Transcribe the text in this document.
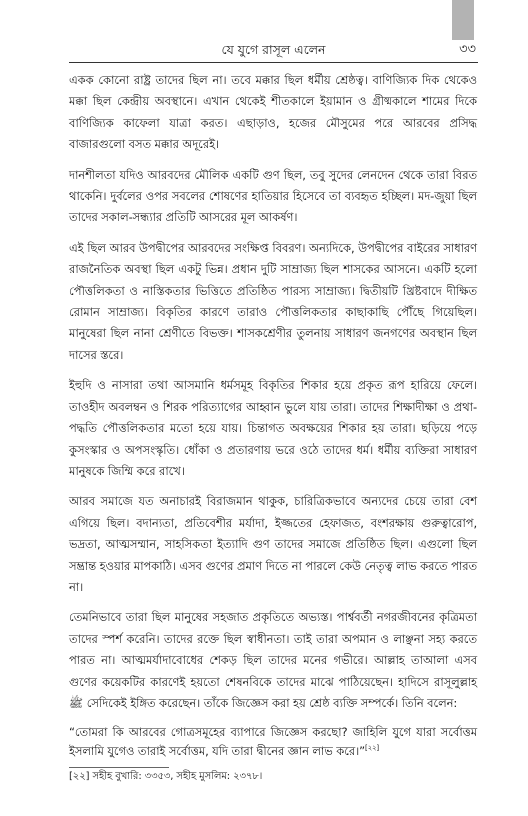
যে যুগে রাসূল এলেন	৩৩

একক কোনো রাষ্ট্র তাদের ছিল না। তবে মক্কার ছিল ধর্মীয় শ্রেষ্ঠত্ব। বাণিজ্যিক দিক থেকেও মক্কা ছিল কেন্দ্রীয় অবস্থানে। এখান থেকেই শীতকালে ইয়ামান ও গ্রীষ্মকালে শামের দিকে বাণিজ্যিক কাফেলা যাত্রা করত। এছাড়াও, হজের মৌসুমের পরে আরবের প্রসিদ্ধ বাজারগুলো বসত মক্কার অদূরেই।

দানশীলতা যদিও আরবদের মৌলিক একটি গুণ ছিল, তবু সুদের লেনদেন থেকে তারা বিরত থাকেনি। দুর্বলের ওপর সবলের শোষণের হাতিয়ার হিসেবে তা ব্যবহৃত হচ্ছিল। মদ-জুয়া ছিল তাদের সকাল-সন্ধ্যার প্রতিটি আসরের মূল আকর্ষণ।

এই ছিল আরব উপদ্বীপের আরবদের সংক্ষিপ্ত বিবরণ। অন্যদিকে, উপদ্বীপের বাইরের সাধারণ রাজনৈতিক অবস্থা ছিল একটু ভিন্ন। প্রধান দুটি সাম্রাজ্য ছিল শাসকের আসনে। একটি হলো পৌত্তলিকতা ও নাস্তিকতার ভিত্তিতে প্রতিষ্ঠিত পারস্য সাম্রাজ্য। দ্বিতীয়টি খ্রিষ্টবাদে দীক্ষিত রোমান সাম্রাজ্য। বিকৃতির কারণে তারাও পৌত্তলিকতার কাছাকাছি পৌঁছে গিয়েছিল। মানুষেরা ছিল নানা শ্রেণীতে বিভক্ত। শাসকশ্রেণীর তুলনায় সাধারণ জনগণের অবস্থান ছিল দাসের স্তরে।

ইহুদি ও নাসারা তথা আসমানি ধর্মসমূহ বিকৃতির শিকার হয়ে প্রকৃত রূপ হারিয়ে ফেলে। তাওহীদ অবলম্বন ও শিরক পরিত্যাগের আহ্বান ভুলে যায় তারা। তাদের শিক্ষাদীক্ষা ও প্রথা-পদ্ধতি পৌত্তলিকতার মতো হয়ে যায়। চিন্তাগত অবক্ষয়ের শিকার হয় তারা। ছড়িয়ে পড়ে কুসংস্কার ও অপসংস্কৃতি। ধোঁকা ও প্রতারণায় ভরে ওঠে তাদের ধর্ম। ধর্মীয় ব্যক্তিরা সাধারণ মানুষকে জিম্মি করে রাখে।

আরব সমাজে যত অনাচারই বিরাজমান থাকুক, চারিত্রিকভাবে অন্যদের চেয়ে তারা বেশ এগিয়ে ছিল। বদান্যতা, প্রতিবেশীর মর্যাদা, ইজ্জতের হেফাজত, বংশরক্ষায় গুরুত্বারোপ, ভদ্রতা, আত্মসম্মান, সাহসিকতা ইত্যাদি গুণ তাদের সমাজে প্রতিষ্ঠিত ছিল। এগুলো ছিল সম্ভ্রান্ত হওয়ার মাপকাঠি। এসব গুণের প্রমাণ দিতে না পারলে কেউ নেতৃত্ব লাভ করতে পারত না।

তেমনিভাবে তারা ছিল মানুষের সহজাত প্রকৃতিতে অভ্যস্ত। পার্শ্ববর্তী নগরজীবনের কৃত্রিমতা তাদের স্পর্শ করেনি। তাদের রক্তে ছিল স্বাধীনতা। তাই তারা অপমান ও লাঞ্ছনা সহ্য করতে পারত না। আত্মমর্যাদাবোধের শেকড় ছিল তাদের মনের গভীরে। আল্লাহ তাআলা এসব গুণের কয়েকটির কারণেই হয়তো শেষনবিকে তাদের মাঝে পাঠিয়েছেন। হাদিসে রাসূলুল্লাহ ﷺ সেদিকেই ইঙ্গিত করেছেন। তাঁকে জিজ্ঞেস করা হয় শ্রেষ্ঠ ব্যক্তি সম্পর্কে। তিনি বলেন:

“তোমরা কি আরবের গোত্রসমূহের ব্যাপারে জিজ্ঞেস করছো? জাহিলি যুগে যারা সর্বোত্তম ইসলামি যুগেও তারাই সর্বোত্তম, যদি তারা দ্বীনের জ্ঞান লাভ করে।”[২২]

[২২] সহীহ বুখারি: ৩৩৫৩, সহীহ মুসলিম: ২৩৭৮।
